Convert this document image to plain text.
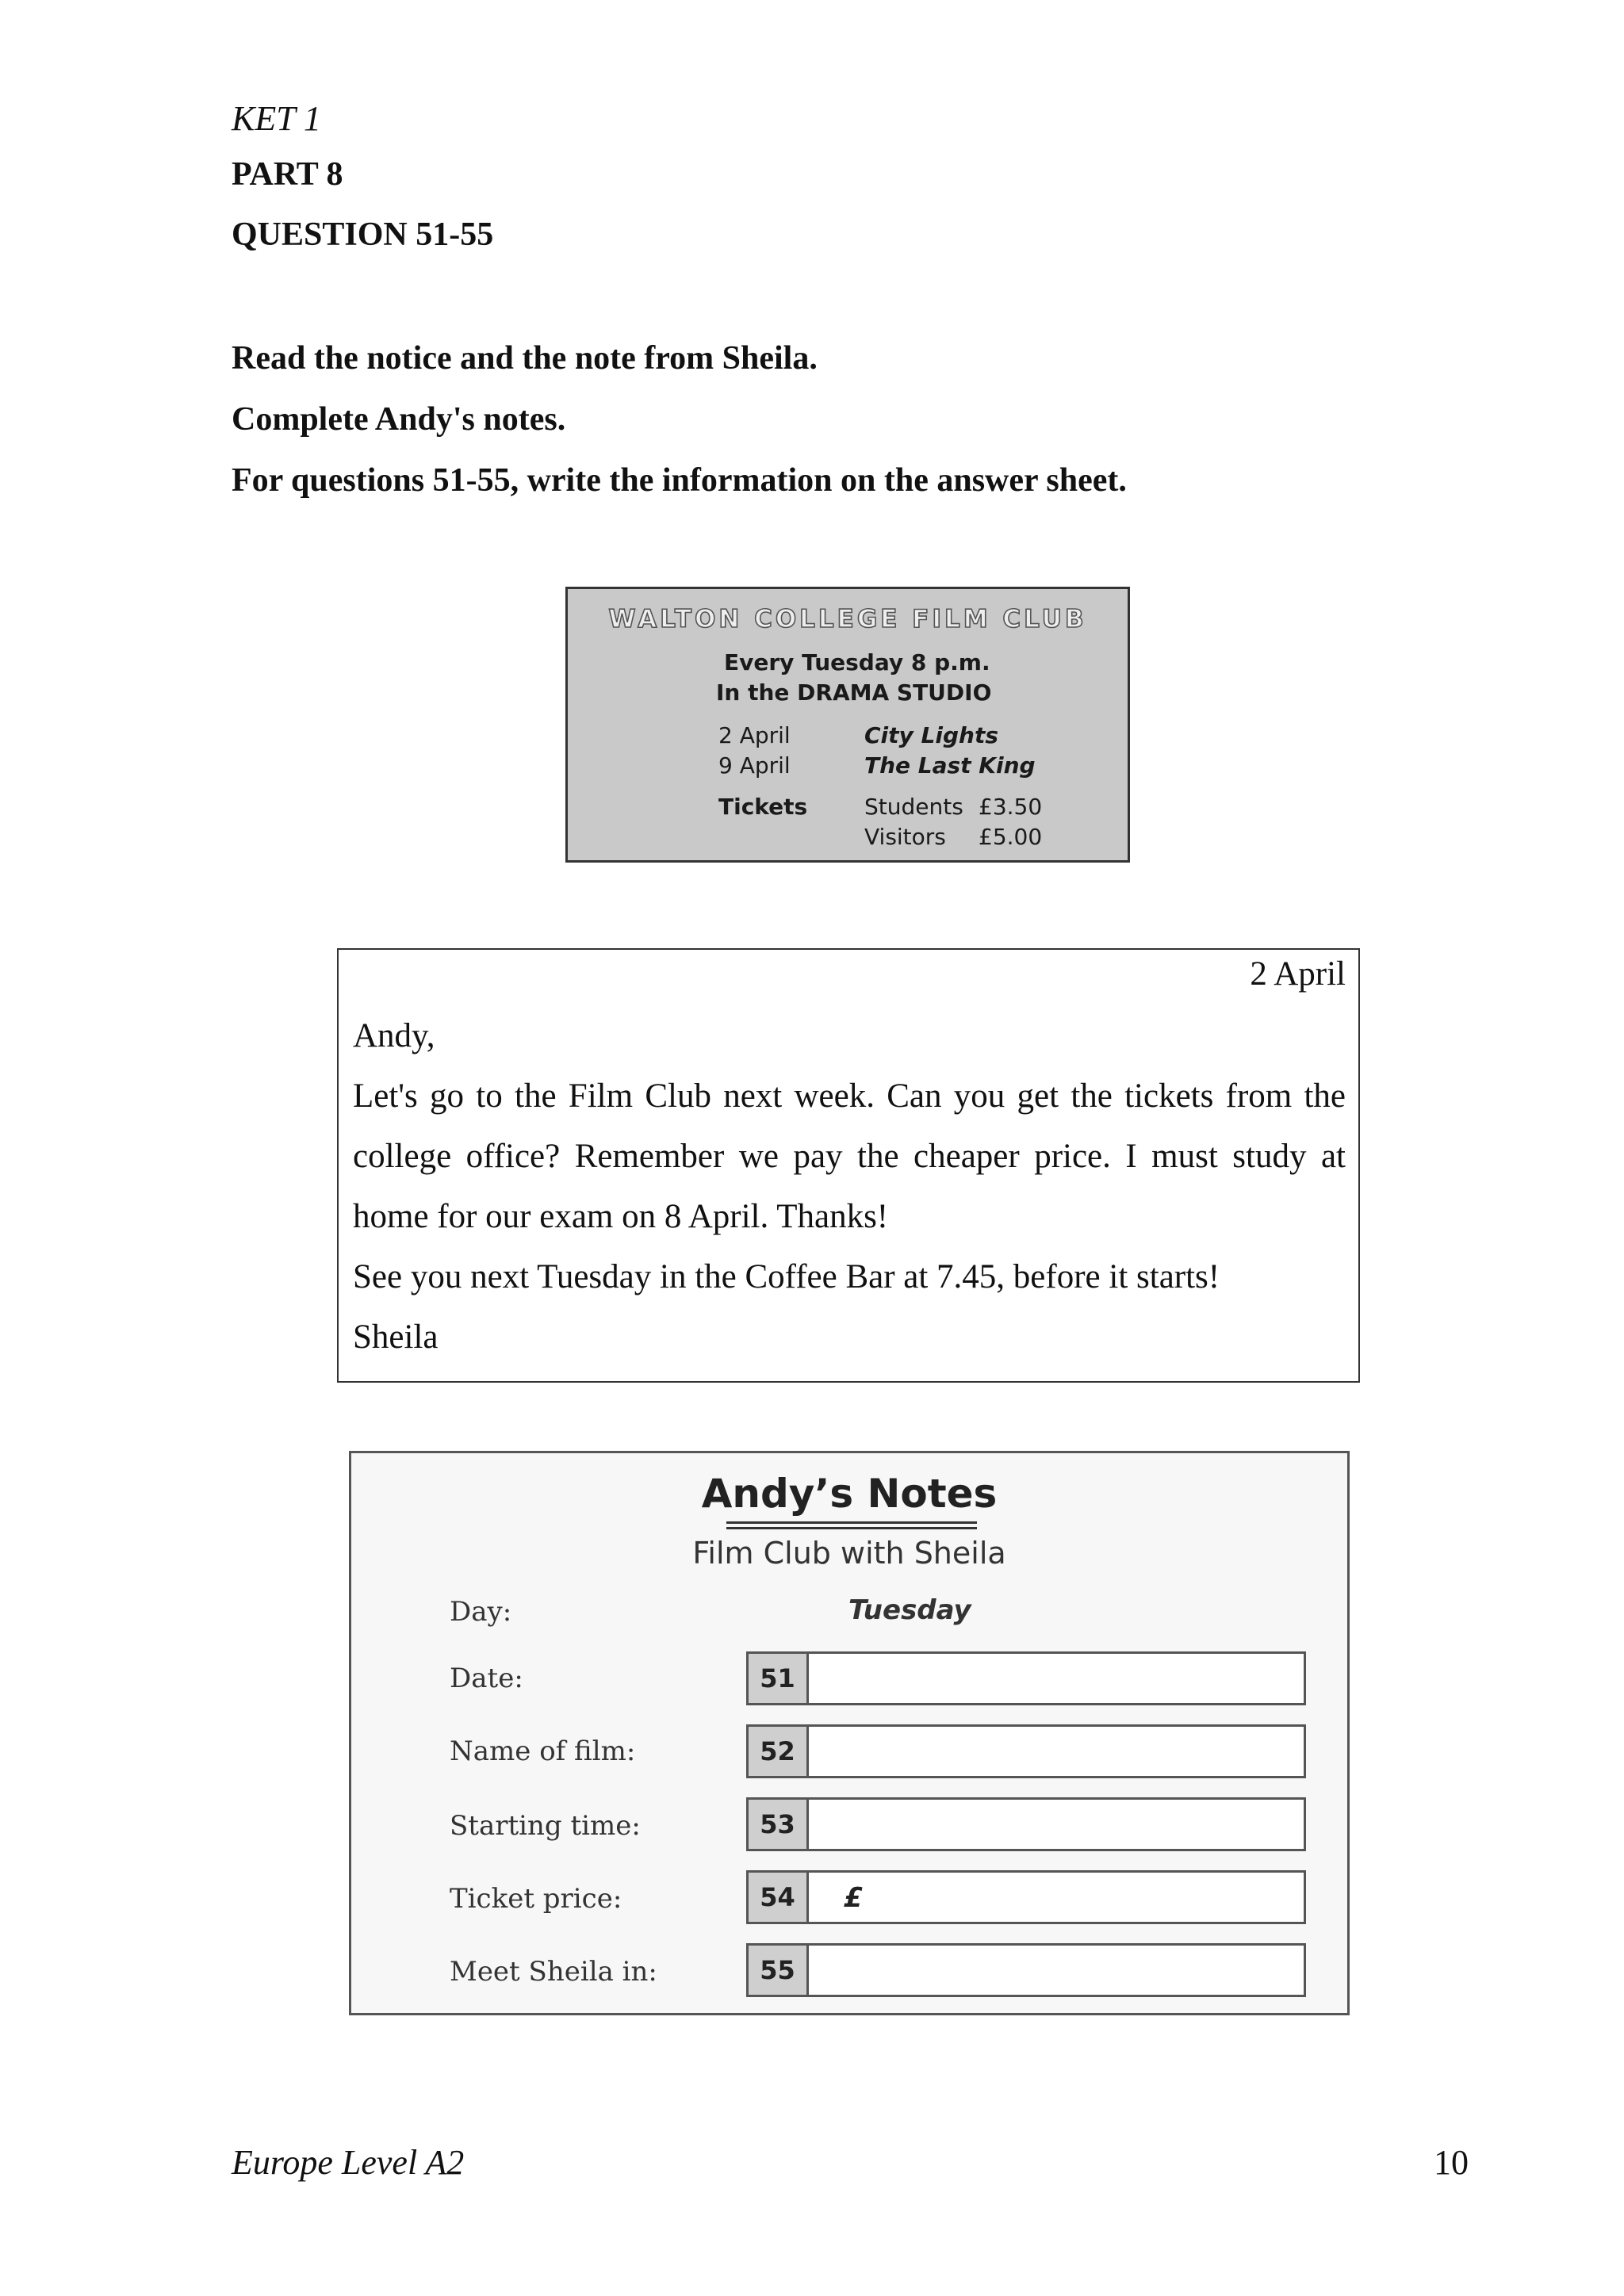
KET 1
PART 8
QUESTION 51-55
Read the notice and the note from Sheila.
Complete Andy's notes.
For questions 51-55, write the information on the answer sheet.
WALTON COLLEGE FILM CLUB
Every Tuesday 8 p.m.
In the DRAMA STUDIO
2 April	City Lights
9 April	The Last King
Tickets	Students £3.50
Visitors £5.00
2 April
Andy,
Let's go to the Film Club next week. Can you get the tickets from the
college office? Remember we pay the cheaper price. I must study at
home for our exam on 8 April. Thanks!
See you next Tuesday in the Coffee Bar at 7.45, before it starts!
Sheila
Andy’s Notes
Film Club with Sheila
Day:	Tuesday
Date:	51
Name of film:	52
Starting time:	53
Ticket price:	54	£
Meet Sheila in:	55
Europe Level A2	10
